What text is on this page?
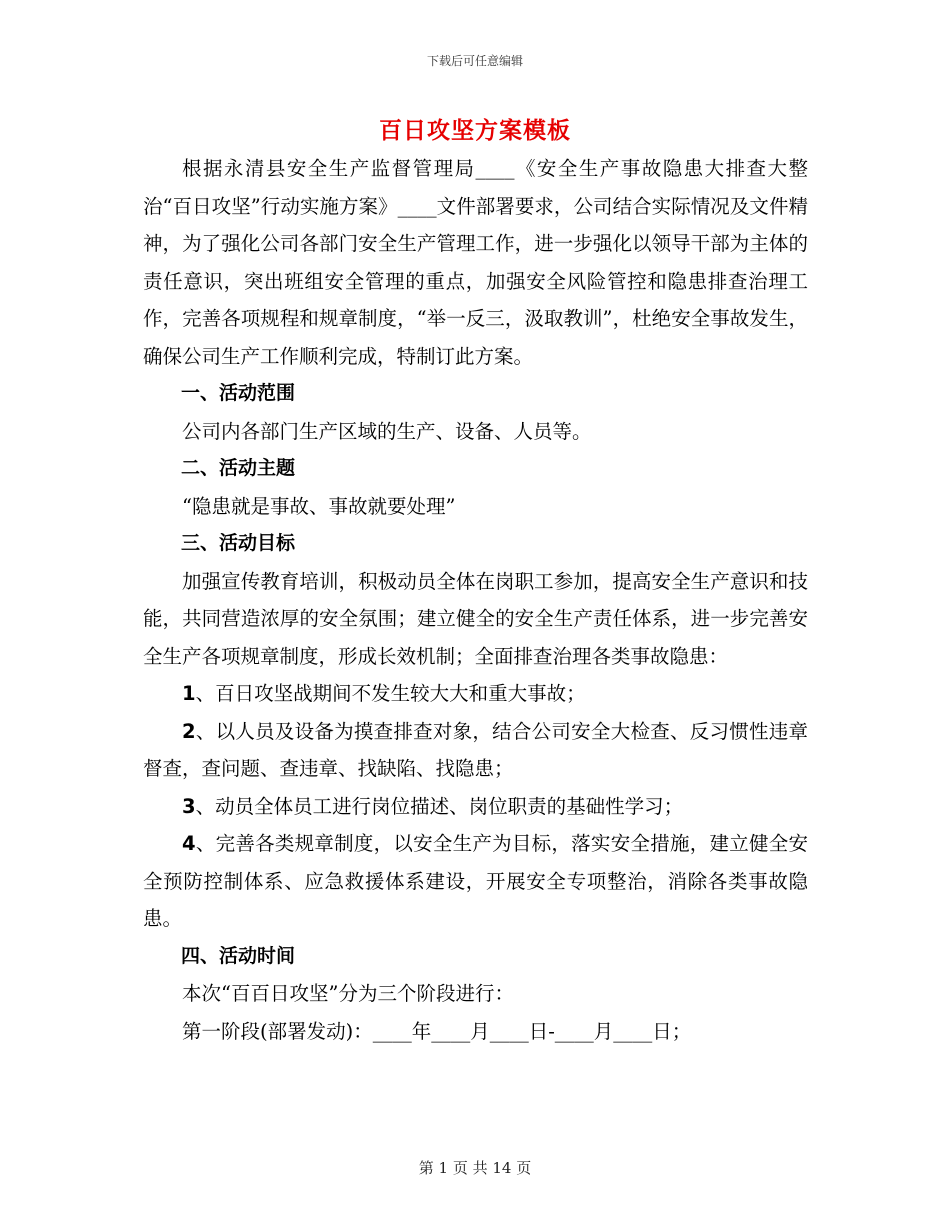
下载后可任意编辑
百日攻坚方案模板

根据永清县安全生产监督管理局____《安全生产事故隐患大排查大整治“百日攻坚”行动实施方案》____文件部署要求，公司结合实际情况及文件精神，为了强化公司各部门安全生产管理工作，进一步强化以领导干部为主体的责任意识，突出班组安全管理的重点，加强安全风险管控和隐患排查治理工作，完善各项规程和规章制度，“举一反三，汲取教训”，杜绝安全事故发生，确保公司生产工作顺利完成，特制订此方案。

一、活动范围

公司内各部门生产区域的生产、设备、人员等。

二、活动主题

“隐患就是事故、事故就要处理”

三、活动目标

加强宣传教育培训，积极动员全体在岗职工参加，提高安全生产意识和技能，共同营造浓厚的安全氛围；建立健全的安全生产责任体系，进一步完善安全生产各项规章制度，形成长效机制；全面排查治理各类事故隐患：

1、百日攻坚战期间不发生较大大和重大事故；

2、以人员及设备为摸查排查对象，结合公司安全大检查、反习惯性违章督查，查问题、查违章、找缺陷、找隐患；

3、动员全体员工进行岗位描述、岗位职责的基础性学习；

4、完善各类规章制度，以安全生产为目标，落实安全措施，建立健全安全预防控制体系、应急救援体系建设，开展安全专项整治，消除各类事故隐患。

四、活动时间

本次“百百日攻坚”分为三个阶段进行：

第一阶段(部署发动)：____年____月____日-____月____日；

第 1 页 共 14 页
